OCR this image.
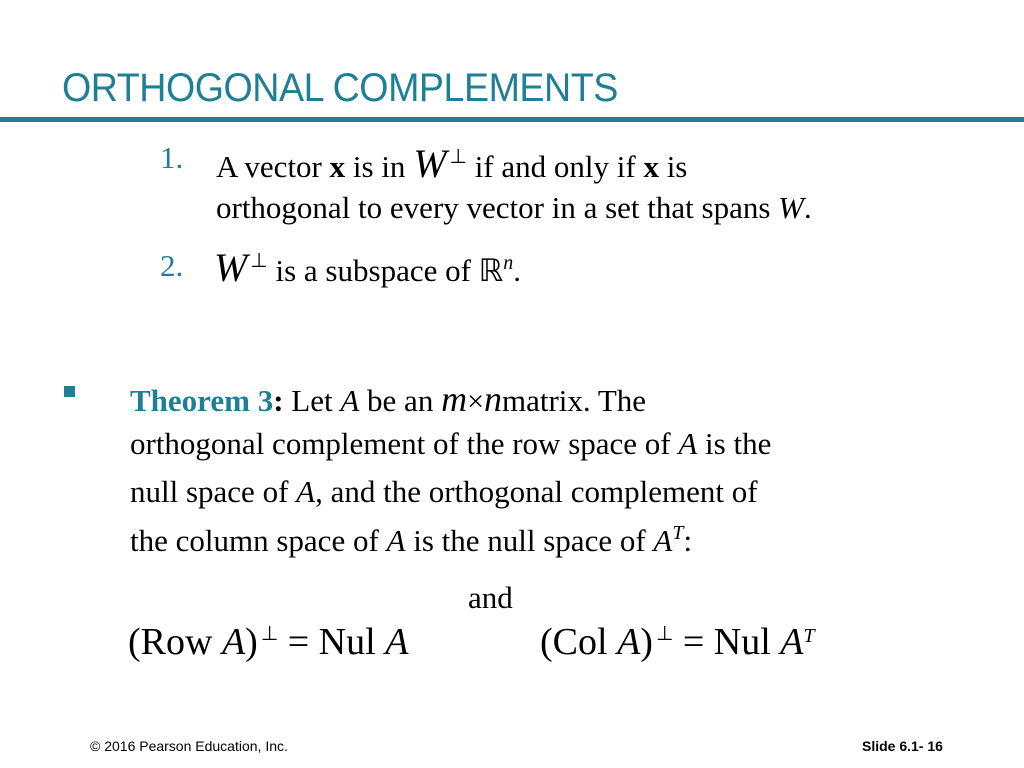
ORTHOGONAL COMPLEMENTS
1. A vector x is in W ⊥ if and only if x is
orthogonal to every vector in a set that spans W.
2. W ⊥ is a subspace of ℝ$^n$.
Theorem 3: Let A be an m×nmatrix. The
orthogonal complement of the row space of A is the
null space of A, and the orthogonal complement of
the column space of A is the null space of $A^T$:
and
(Row A) ⊥ = Nul A	(Col A) ⊥ = Nul $A^T$
© 2016 Pearson Education, Inc.	Slide 6.1- 16
